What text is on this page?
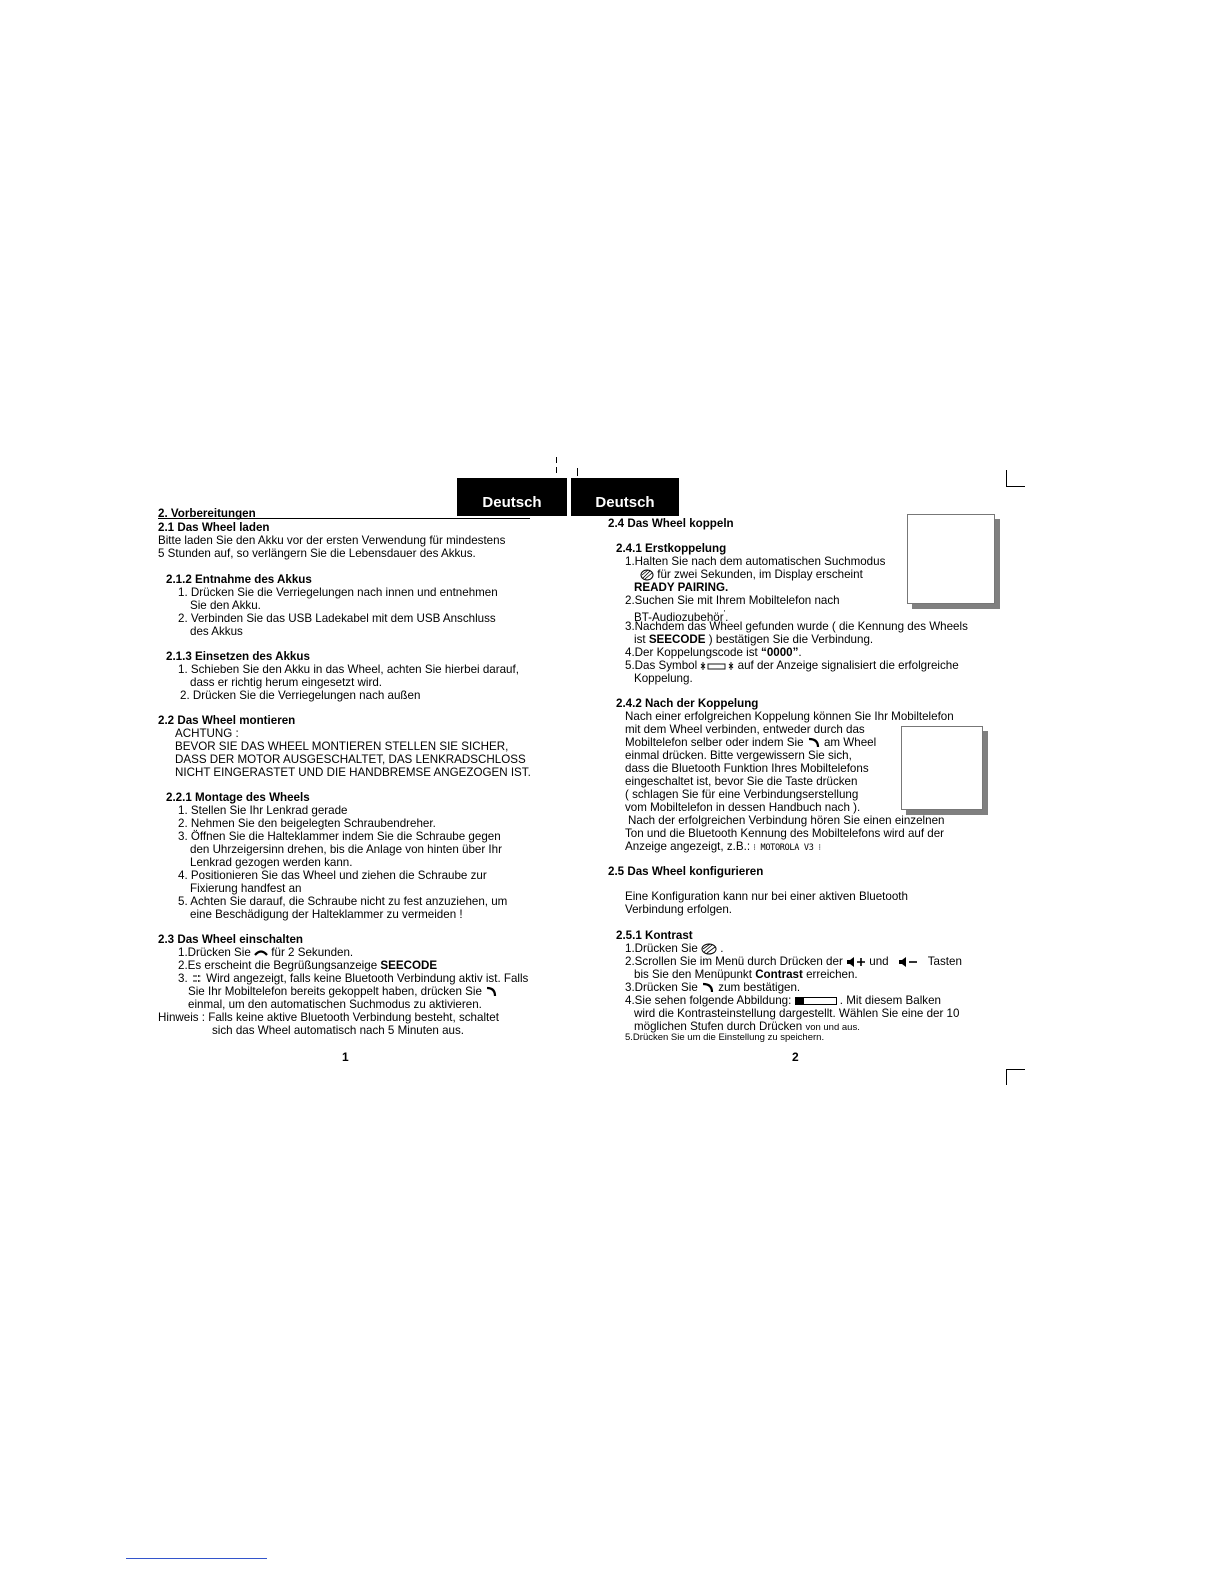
Deutsch	Deutsch
2. Vorbereitungen
2.1 Das Wheel laden
Bitte laden Sie den Akku vor der ersten Verwendung für mindestens
5 Stunden auf, so verlängern Sie die Lebensdauer des Akkus.
2.1.2 Entnahme des Akkus
1. Drücken Sie die Verriegelungen nach innen und entnehmen
Sie den Akku.
2. Verbinden Sie das USB Ladekabel mit dem USB Anschluss
des Akkus
2.1.3 Einsetzen des Akkus
1. Schieben Sie den Akku in das Wheel, achten Sie hierbei darauf,
dass er richtig herum eingesetzt wird.
2. Drücken Sie die Verriegelungen nach außen
2.2 Das Wheel montieren
ACHTUNG :
BEVOR SIE DAS WHEEL MONTIEREN STELLEN SIE SICHER,
DASS DER MOTOR AUSGESCHALTET, DAS LENKRADSCHLOSS
NICHT EINGERASTET UND DIE HANDBREMSE ANGEZOGEN IST.
2.2.1 Montage des Wheels
1. Stellen Sie Ihr Lenkrad gerade
2. Nehmen Sie den beigelegten Schraubendreher.
3. Öffnen Sie die Halteklammer indem Sie die Schraube gegen
den Uhrzeigersinn drehen, bis die Anlage von hinten über Ihr
Lenkrad gezogen werden kann.
4. Positionieren Sie das Wheel und ziehen die Schraube zur
Fixierung handfest an
5. Achten Sie darauf, die Schraube nicht zu fest anzuziehen, um
eine Beschädigung der Halteklammer zu vermeiden !
2.3 Das Wheel einschalten
1.Drücken Sie für 2 Sekunden.
2.Es erscheint die Begrüßungsanzeige SEECODE
3. Wird angezeigt, falls keine Bluetooth Verbindung aktiv ist. Falls
Sie Ihr Mobiltelefon bereits gekoppelt haben, drücken Sie
einmal, um den automatischen Suchmodus zu aktivieren.
Hinweis : Falls keine aktive Bluetooth Verbindung besteht, schaltet
sich das Wheel automatisch nach 5 Minuten aus.
1
2.4 Das Wheel koppeln
2.4.1 Erstkoppelung
1.Halten Sie nach dem automatischen Suchmodus
für zwei Sekunden, im Display erscheint
READY PAIRING.
2.Suchen Sie mit Ihrem Mobiltelefon nach
BT-Audiozubehör'.
3.Nachdem das Wheel gefunden wurde ( die Kennung des Wheels
ist SEECODE ) bestätigen Sie die Verbindung.
4.Der Koppelungscode ist “0000”.
5.Das Symbol	auf der Anzeige signalisiert die erfolgreiche
Koppelung.
2.4.2 Nach der Koppelung
Nach einer erfolgreichen Koppelung können Sie Ihr Mobiltelefon
mit dem Wheel verbinden, entweder durch das
Mobiltelefon selber oder indem Sie am Wheel
einmal drücken. Bitte vergewissern Sie sich,
dass die Bluetooth Funktion Ihres Mobiltelefons
eingeschaltet ist, bevor Sie die Taste drücken
( schlagen Sie für eine Verbindungserstellung
vom Mobiltelefon in dessen Handbuch nach ).
Nach der erfolgreichen Verbindung hören Sie einen einzelnen
Ton und die Bluetooth Kennung des Mobiltelefons wird auf der
Anzeige angezeigt, z.B.: ⁝ MOTOROLA V3 ⁝
2.5 Das Wheel konfigurieren
Eine Konfiguration kann nur bei einer aktiven Bluetooth
Verbindung erfolgen.
2.5.1 Kontrast
1.Drücken Sie  .
2.Scrollen Sie im Menü durch Drücken der und	Tasten
bis Sie den Menüpunkt Contrast erreichen.
3.Drücken Sie zum bestätigen.
4.Sie sehen folgende Abbildung:	. Mit diesem Balken
wird die Kontrasteinstellung dargestellt. Wählen Sie eine der 10
möglichen Stufen durch Drücken von und aus.
5.Drücken Sie um die Einstellung zu speichern.
2
